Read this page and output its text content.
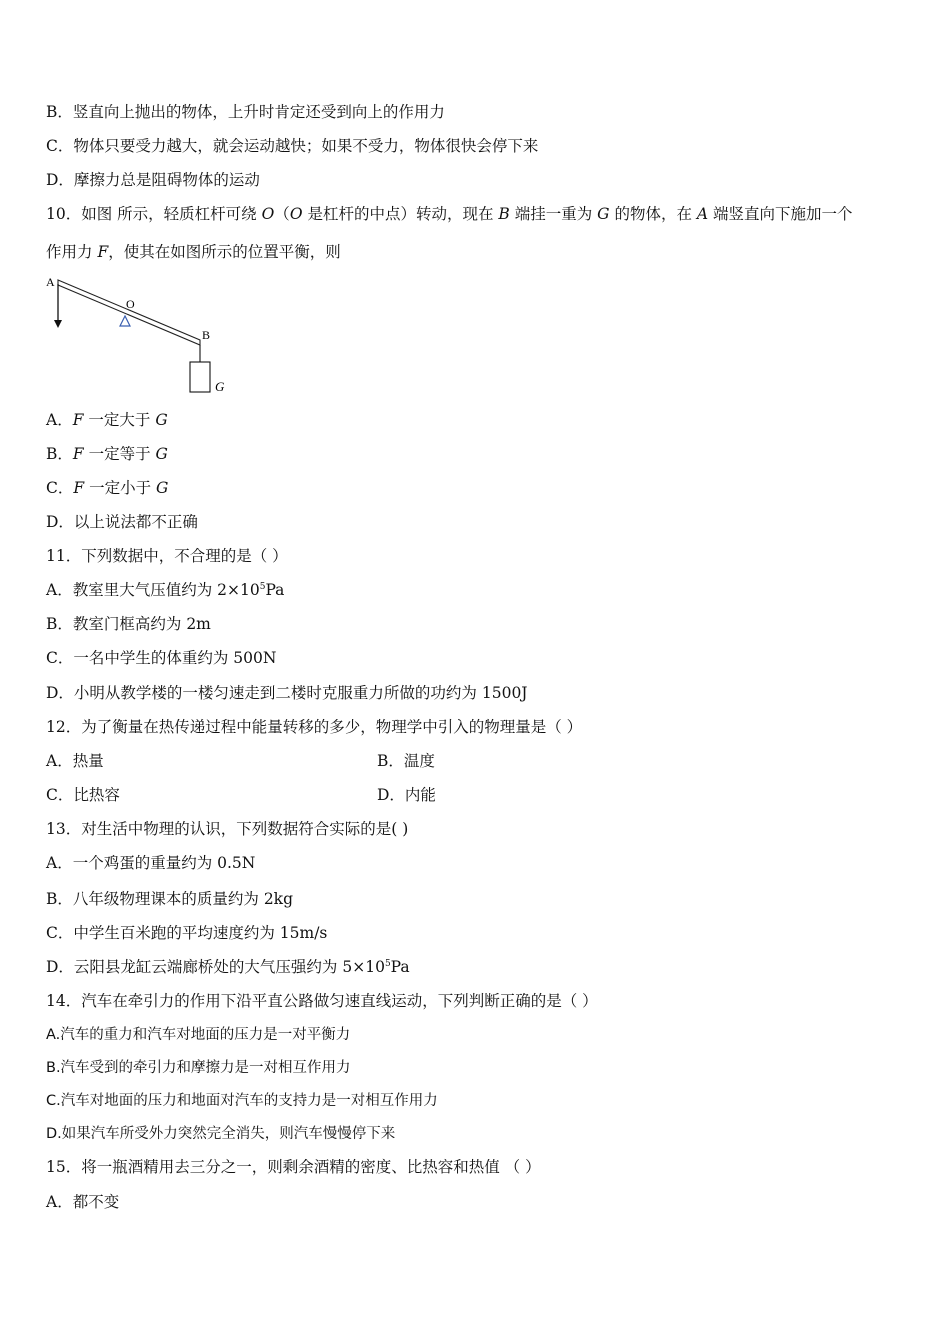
B．竖直向上抛出的物体，上升时肯定还受到向上的作用力
C．物体只要受力越大，就会运动越快；如果不受力，物体很快会停下来
D．摩擦力总是阻碍物体的运动
10．如图 所示，轻质杠杆可绕 O（O 是杠杆的中点）转动，现在 B 端挂一重为 G 的物体，在 A 端竖直向下施加一个
作用力 F，使其在如图所示的位置平衡，则
A
O
B
G
A．F 一定大于 G
B．F 一定等于 G
C．F 一定小于 G
D．以上说法都不正确
11．下列数据中，不合理的是（ ）
A．教室里大气压值约为 $2\times 10^5Pa$
B．教室门框高约为 2m
C．一名中学生的体重约为 500N
D．小明从教学楼的一楼匀速走到二楼时克服重力所做的功约为 1500J
12．为了衡量在热传递过程中能量转移的多少，物理学中引入的物理量是（ ）
A．热量	B．温度
C．比热容	D．内能
13．对生活中物理的认识，下列数据符合实际的是( )
A．一个鸡蛋的重量约为 0.5N
B．八年级物理课本的质量约为 2kg
C．中学生百米跑的平均速度约为 15m/s
D．云阳县龙缸云端廊桥处的大气压强约为 $5\times 10^5Pa$
14．汽车在牵引力的作用下沿平直公路做匀速直线运动，下列判断正确的是（ ）
A.汽车的重力和汽车对地面的压力是一对平衡力
B.汽车受到的牵引力和摩擦力是一对相互作用力
C.汽车对地面的压力和地面对汽车的支持力是一对相互作用力
D.如果汽车所受外力突然完全消失，则汽车慢慢停下来
15．将一瓶酒精用去三分之一，则剩余酒精的密度、比热容和热值 （ ）
A．都不变
